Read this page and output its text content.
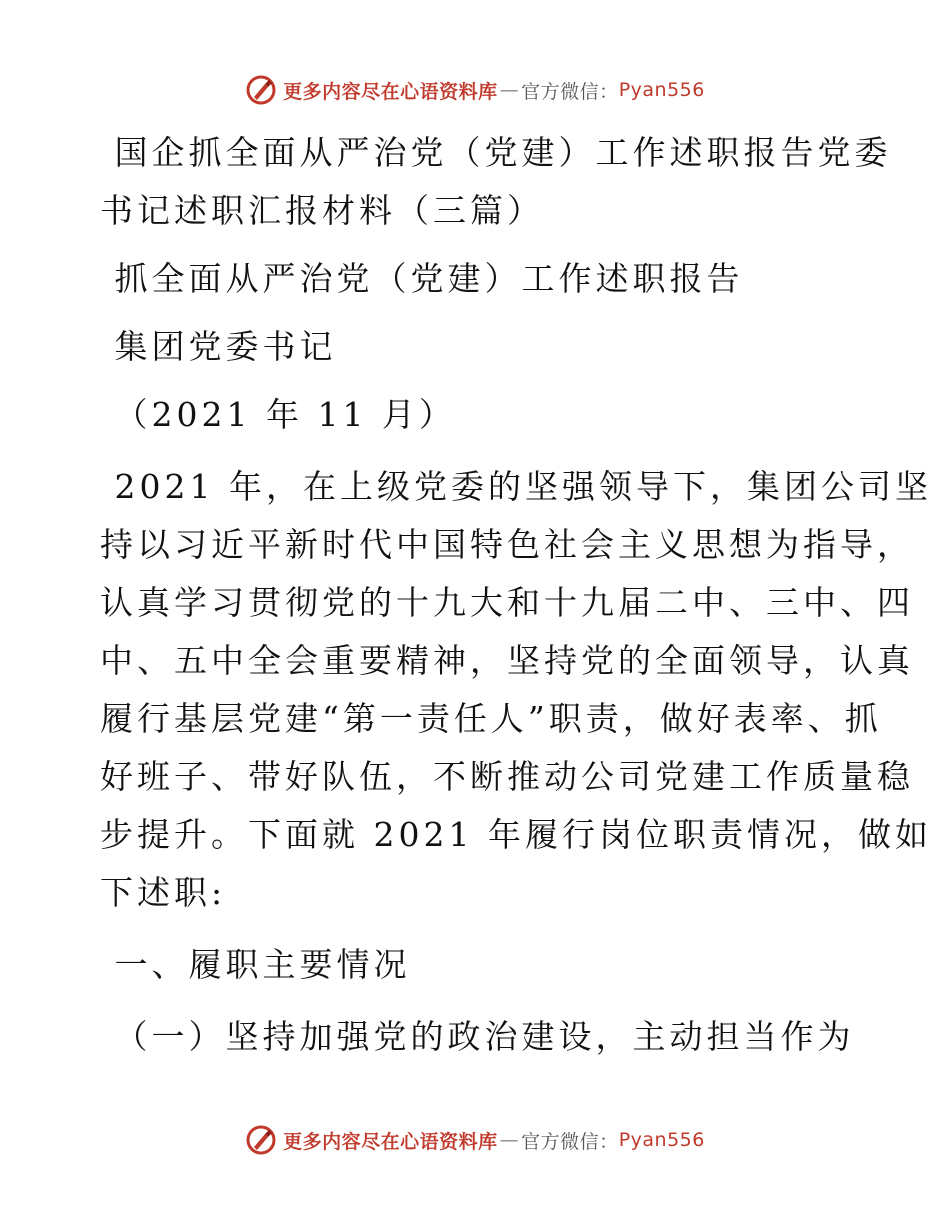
更多内容尽在心语资料库 — 官方微信： Pyan556
国企抓全面从严治党（党建）工作述职报告党委
书记述职汇报材料（三篇）
抓全面从严治党（党建）工作述职报告
集团党委书记
（2021 年 11 月）
2021 年，在上级党委的坚强领导下，集团公司坚
持以习近平新时代中国特色社会主义思想为指导，
认真学习贯彻党的十九大和十九届二中、三中、四
中、五中全会重要精神，坚持党的全面领导，认真
履行基层党建“第一责任人”职责，做好表率、抓
好班子、带好队伍，不断推动公司党建工作质量稳
步提升。下面就 2021 年履行岗位职责情况，做如
下述职:
一、履职主要情况
（一）坚持加强党的政治建设，主动担当作为
更多内容尽在心语资料库 — 官方微信： Pyan556
